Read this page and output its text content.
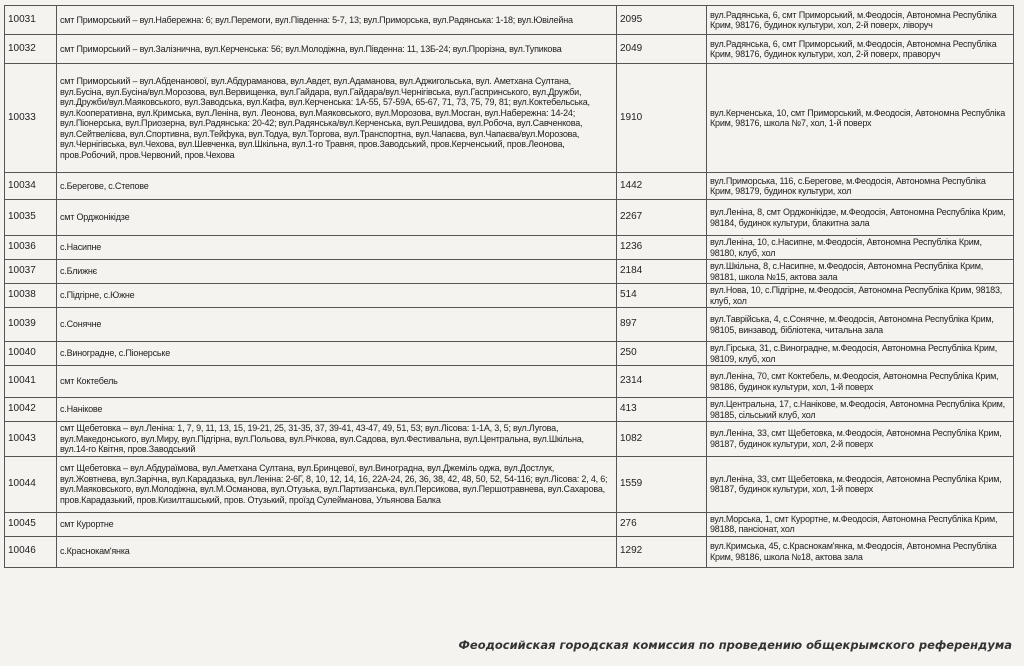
10031	смт Приморський – вул.Набережна: 6; вул.Перемоги, вул.Південна: 5-7, 13; вул.Приморська, вул.Радянська: 1-18; вул.Ювілейна	2095	вул.Радянська, 6, смт Приморський, м.Феодосія, Автономна Республіка Крим, 98176, будинок культури, хол, 2-й поверх, ліворуч
10032	смт Приморський – вул.Залізнична, вул.Керченська: 56; вул.Молодіжна, вул.Південна: 11, 13Б-24; вул.Прорізна, вул.Тупикова	2049	вул.Радянська, 6, смт Приморський, м.Феодосія, Автономна Республіка Крим, 98176, будинок культури, хол, 2-й поверх, праворуч
10033	смт Приморський – вул.Абденанової, вул.Абдураманова, вул.Авдет, вул.Адаманова, вул.Аджигольська, вул. Аметхана Султана, вул.Бусіна, вул.Бусіна/вул.Морозова, вул.Вервищенка, вул.Гайдара, вул.Гайдара/вул.Чернігівська, вул.Гаспринського, вул.Дружби, вул.Дружби/вул.Маяковського, вул.Заводська, вул.Кафа, вул.Керченська: 1А-55, 57-59А, 65-67, 71, 73, 75, 79, 81; вул.Коктебельська, вул.Кооперативна, вул.Кримська, вул.Леніна, вул. Леонова, вул.Маяковського, вул.Морозова, вул.Мосган, вул.Набережна: 14-24; вул.Піонерська, вул.Приозерна, вул.Радянська: 20-42; вул.Радянська/вул.Керченська, вул.Решидова, вул.Робоча, вул.Савченкова, вул.Сейтвелієва, вул.Спортивна, вул.Тейфука, вул.Тодуа, вул.Торгова, вул.Транспортна, вул.Чапаєва, вул.Чапаєва/вул.Морозова, вул.Чернігівська, вул.Чехова, вул.Шевченка, вул.Шкільна, вул.1-го Травня, пров.Заводський, пров.Керченський, пров.Леонова, пров.Робочий, пров.Червоний, пров.Чехова	1910	вул.Керченська, 10, смт Приморський, м.Феодосія, Автономна Республіка Крим, 98176, школа №7, хол, 1-й поверх
10034	с.Берегове, с.Степове	1442	вул.Приморська, 116, с.Берегове, м.Феодосія, Автономна Республіка Крим, 98179, будинок культури, хол
10035	смт Орджонікідзе	2267	вул.Леніна, 8, смт Орджонікідзе, м.Феодосія, Автономна Республіка Крим, 98184, будинок культури, блакитна зала
10036	с.Насипне	1236	вул.Леніна, 10, с.Насипне, м.Феодосія, Автономна Республіка Крим, 98180, клуб, хол
10037	с.Ближнє	2184	вул.Шкільна, 8, с.Насипне, м.Феодосія, Автономна Республіка Крим, 98181, школа №15, актова зала
10038	с.Підгірне, с.Южне	514	вул.Нова, 10, с.Підгірне, м.Феодосія, Автономна Республіка Крим, 98183, клуб, хол
10039	с.Сонячне	897	вул.Таврійська, 4, с.Сонячне, м.Феодосія, Автономна Республіка Крим, 98105, винзавод, бібліотека, читальна зала
10040	с.Виноградне, с.Піонерське	250	вул.Гірська, 31, с.Виноградне, м.Феодосія, Автономна Республіка Крим, 98109, клуб, хол
10041	смт Коктебель	2314	вул.Леніна, 70, смт Коктебель, м.Феодосія, Автономна Республіка Крим, 98186, будинок культури, хол, 1-й поверх
10042	с.Нанікове	413	вул.Центральна, 17, с.Нанікове, м.Феодосія, Автономна Республіка Крим, 98185, сільський клуб, хол
10043	смт Щебетовка – вул.Леніна: 1, 7, 9, 11, 13, 15, 19-21, 25, 31-35, 37, 39-41, 43-47, 49, 51, 53; вул.Лісова: 1-1А, 3, 5; вул.Лугова, вул.Македонського, вул.Миру, вул.Підгірна, вул.Польова, вул.Річкова, вул.Садова, вул.Фестивальна, вул.Центральна, вул.Шкільна, вул.14-го Квітня, пров.Заводський	1082	вул.Леніна, 33, смт Щебетовка, м.Феодосія, Автономна Республіка Крим, 98187, будинок культури, хол, 2-й поверх
10044	смт Щебетовка – вул.Абдураїмова, вул.Аметхана Султана, вул.Бринцевої, вул.Виноградна, вул.Джеміль оджа, вул.Достлук, вул.Жовтнева, вул.Зарічна, вул.Карадазька, вул.Леніна: 2-6Г, 8, 10, 12, 14, 16, 22А-24, 26, 36, 38, 42, 48, 50, 52, 54-116; вул.Лісова: 2, 4, 6; вул.Маяковського, вул.Молодіжна, вул.М.Османова, вул.Отузька, вул.Партизанська, вул.Персикова, вул.Першотравнева, вул.Сахарова, пров.Карадазький, пров.Кизилташський, пров. Отузький, проїзд Сулейманова, Ульянова Балка	1559	вул.Леніна, 33, смт Щебетовка, м.Феодосія, Автономна Республіка Крим, 98187, будинок культури, хол, 1-й поверх
10045	смт Курортне	276	вул.Морська, 1, смт Курортне, м.Феодосія, Автономна Республіка Крим, 98188, пансіонат, хол
10046	с.Краснокам'янка	1292	вул.Кримська, 45, с.Краснокам'янка, м.Феодосія, Автономна Республіка Крим, 98186, школа №18, актова зала
Феодосийская городская комиссия по проведению общекрымского референдума
